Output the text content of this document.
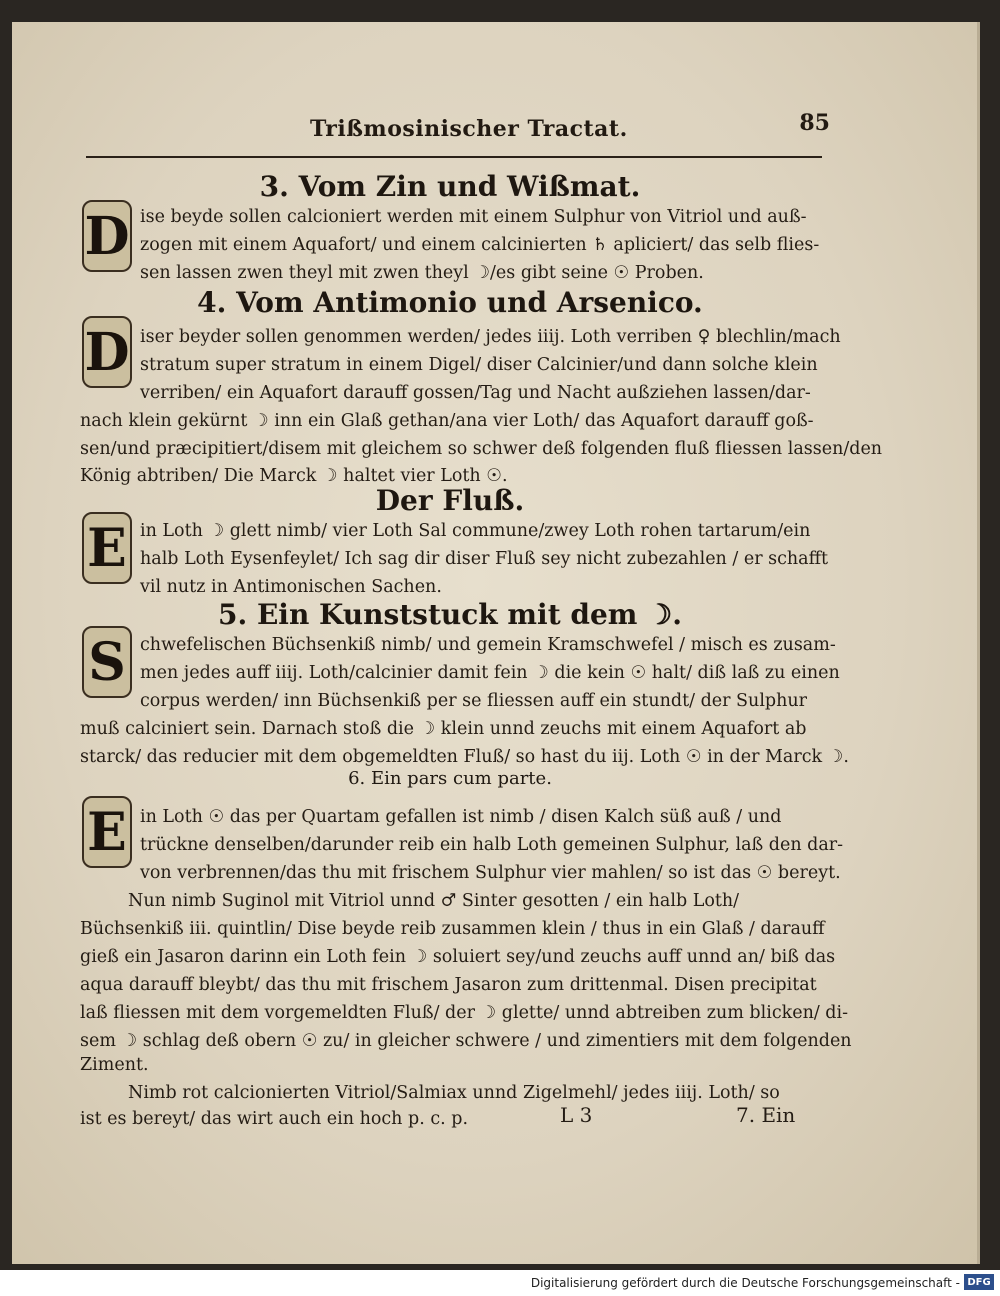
Trißmosinischer Tractat.	85
3. Vom Zin und Wißmat.
D ise beyde sollen calcioniert werden mit einem Sulphur von Vitriol und auß-
zogen mit einem Aquafort/ und einem calcinierten ♄ apliciert/ das selb flies-
sen lassen zwen theyl mit zwen theyl ☽/es gibt seine ☉ Proben.
4. Vom Antimonio und Arsenico.
D iser beyder sollen genommen werden/ jedes iiij. Loth verriben ♀ blechlin/mach
stratum super stratum in einem Digel/ diser Calcinier/und dann solche klein
verriben/ ein Aquafort darauff gossen/Tag und Nacht außziehen lassen/dar-
nach klein gekürnt ☽ inn ein Glaß gethan/ana vier Loth/ das Aquafort darauff goß-
sen/und præcipitiert/disem mit gleichem so schwer deß folgenden fluß fliessen lassen/den
König abtriben/ Die Marck ☽ haltet vier Loth ☉.
Der Fluß.
E in Loth ☽ glett nimb/ vier Loth Sal commune/zwey Loth rohen tartarum/ein
halb Loth Eysenfeylet/ Ich sag dir diser Fluß sey nicht zubezahlen / er schafft
vil nutz in Antimonischen Sachen.
5. Ein Kunststuck mit dem ☽.
S chwefelischen Büchsenkiß nimb/ und gemein Kramschwefel / misch es zusam-
men jedes auff iiij. Loth/calcinier damit fein ☽ die kein ☉ halt/ diß laß zu einen
corpus werden/ inn Büchsenkiß per se fliessen auff ein stundt/ der Sulphur
muß calciniert sein. Darnach stoß die ☽ klein unnd zeuchs mit einem Aquafort ab
starck/ das reducier mit dem obgemeldten Fluß/ so hast du iij. Loth ☉ in der Marck ☽.
6. Ein pars cum parte.
E in Loth ☉ das per Quartam gefallen ist nimb / disen Kalch süß auß / und
trückne denselben/darunder reib ein halb Loth gemeinen Sulphur, laß den dar-
von verbrennen/das thu mit frischem Sulphur vier mahlen/ so ist das ☉ bereyt.
Nun nimb Suginol mit Vitriol unnd ♂ Sinter gesotten / ein halb Loth/
Büchsenkiß iii. quintlin/ Dise beyde reib zusammen klein / thus in ein Glaß / darauff
gieß ein Jasaron darinn ein Loth fein ☽ soluiert sey/und zeuchs auff unnd an/ biß das
aqua darauff bleybt/ das thu mit frischem Jasaron zum drittenmal. Disen precipitat
laß fliessen mit dem vorgemeldten Fluß/ der ☽ glette/ unnd abtreiben zum blicken/ di-
sem ☽ schlag deß obern ☉ zu/ in gleicher schwere / und zimentiers mit dem folgenden
Ziment.
Nimb rot calcionierten Vitriol/Salmiax unnd Zigelmehl/ jedes iiij. Loth/ so
ist es bereyt/ das wirt auch ein hoch p. c. p.	L 3	7. Ein
Digitalisierung gefördert durch die Deutsche Forschungsgemeinschaft - DFG
